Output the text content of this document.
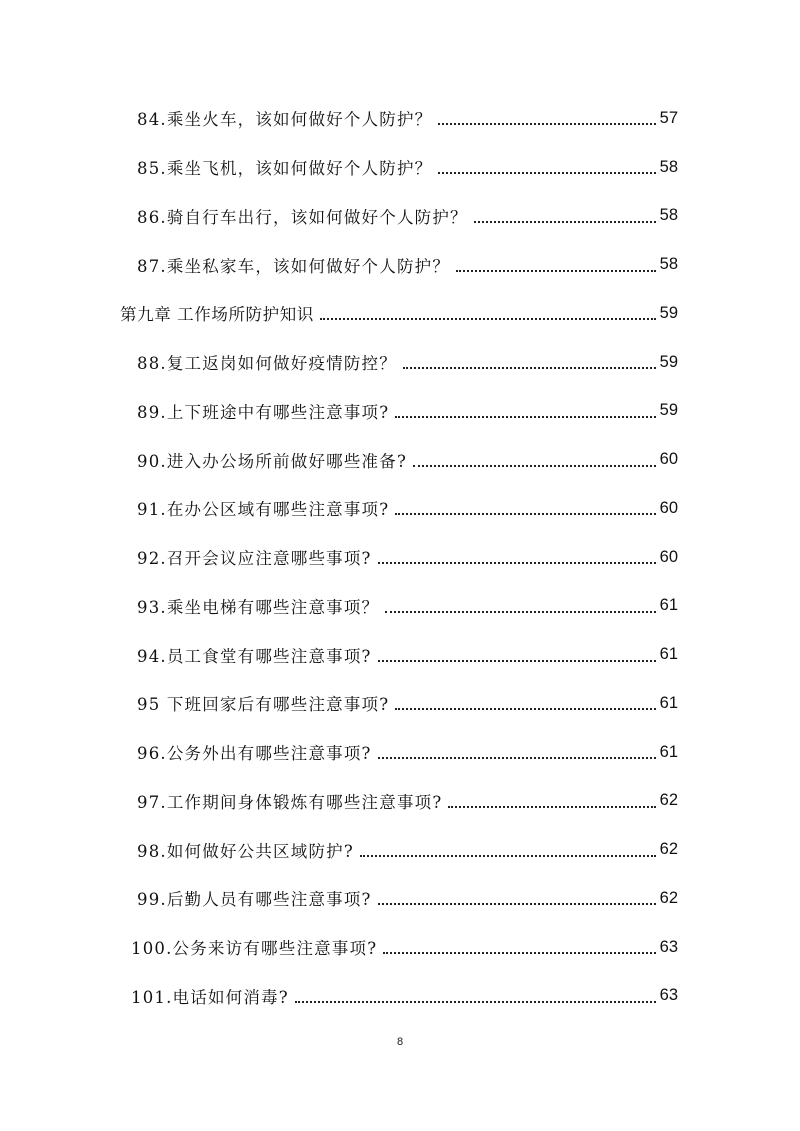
84.乘坐火车，该如何做好个人防护？	57
85.乘坐飞机，该如何做好个人防护？	58
86.骑自行车出行，该如何做好个人防护？	58
87.乘坐私家车，该如何做好个人防护？	58
第九章 工作场所防护知识	59
88.复工返岗如何做好疫情防控？	59
89.上下班途中有哪些注意事项?	59
90.进入办公场所前做好哪些准备?	60
91.在办公区域有哪些注意事项?	60
92.召开会议应注意哪些事项?	60
93.乘坐电梯有哪些注意事项？	61
94.员工食堂有哪些注意事项?	61
95 下班回家后有哪些注意事项?	61
96.公务外出有哪些注意事项?	61
97.工作期间身体锻炼有哪些注意事项?	62
98.如何做好公共区域防护?	62
99.后勤人员有哪些注意事项?	62
100.公务来访有哪些注意事项?	63
101.电话如何消毒?	63
8
